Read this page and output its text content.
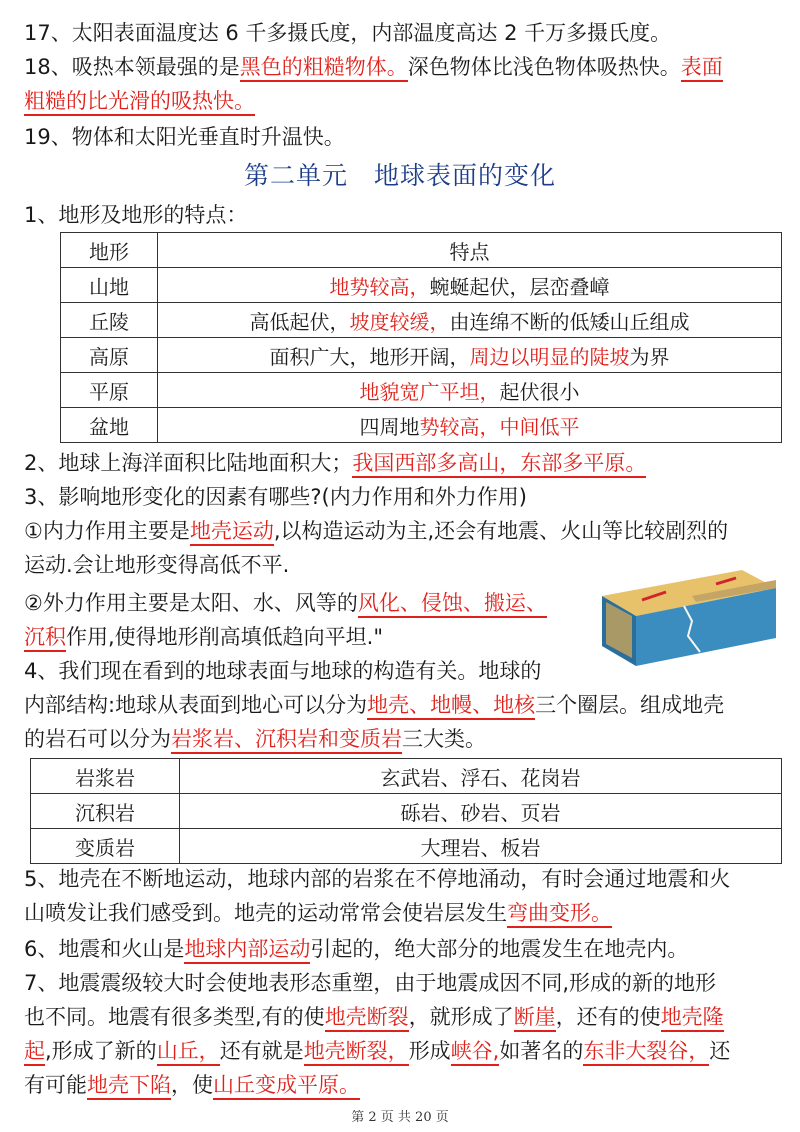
17、太阳表面温度达 6 千多摄氏度，内部温度高达 2 千万多摄氏度。
18、吸热本领最强的是黑色的粗糙物体。深色物体比浅色物体吸热快。表面
粗糙的比光滑的吸热快。
19、物体和太阳光垂直时升温快。
第二单元　地球表面的变化
1、地形及地形的特点：
地形	特点
山地	地势较高，蜿蜒起伏，层峦叠嶂
丘陵	高低起伏，坡度较缓，由连绵不断的低矮山丘组成
高原	面积广大，地形开阔，周边以明显的陡坡为界
平原	地貌宽广平坦，起伏很小
盆地	四周地势较高，中间低平
2、地球上海洋面积比陆地面积大；我国西部多高山，东部多平原。
3、影响地形变化的因素有哪些?(内力作用和外力作用)
①内力作用主要是地壳运动,以构造运动为主,还会有地震、火山等比较剧烈的
运动.会让地形变得高低不平.
②外力作用主要是太阳、水、风等的风化、侵蚀、搬运、
沉积作用,使得地形削高填低趋向平坦."
4、我们现在看到的地球表面与地球的构造有关。地球的
内部结构:地球从表面到地心可以分为地壳、地幔、地核三个圈层。组成地壳
的岩石可以分为岩浆岩、沉积岩和变质岩三大类。
岩浆岩	玄武岩、浮石、花岗岩
沉积岩	砾岩、砂岩、页岩
变质岩	大理岩、板岩
5、地壳在不断地运动，地球内部的岩浆在不停地涌动，有时会通过地震和火
山喷发让我们感受到。地壳的运动常常会使岩层发生弯曲变形。
6、地震和火山是地球内部运动引起的，绝大部分的地震发生在地壳内。
7、地震震级较大时会使地表形态重塑，由于地震成因不同,形成的新的地形
也不同。地震有很多类型,有的使地壳断裂，就形成了断崖，还有的使地壳隆
起,形成了新的山丘，还有就是地壳断裂，形成峡谷,如著名的东非大裂谷，还
有可能地壳下陷，使山丘变成平原。
第 2 页 共 20 页
